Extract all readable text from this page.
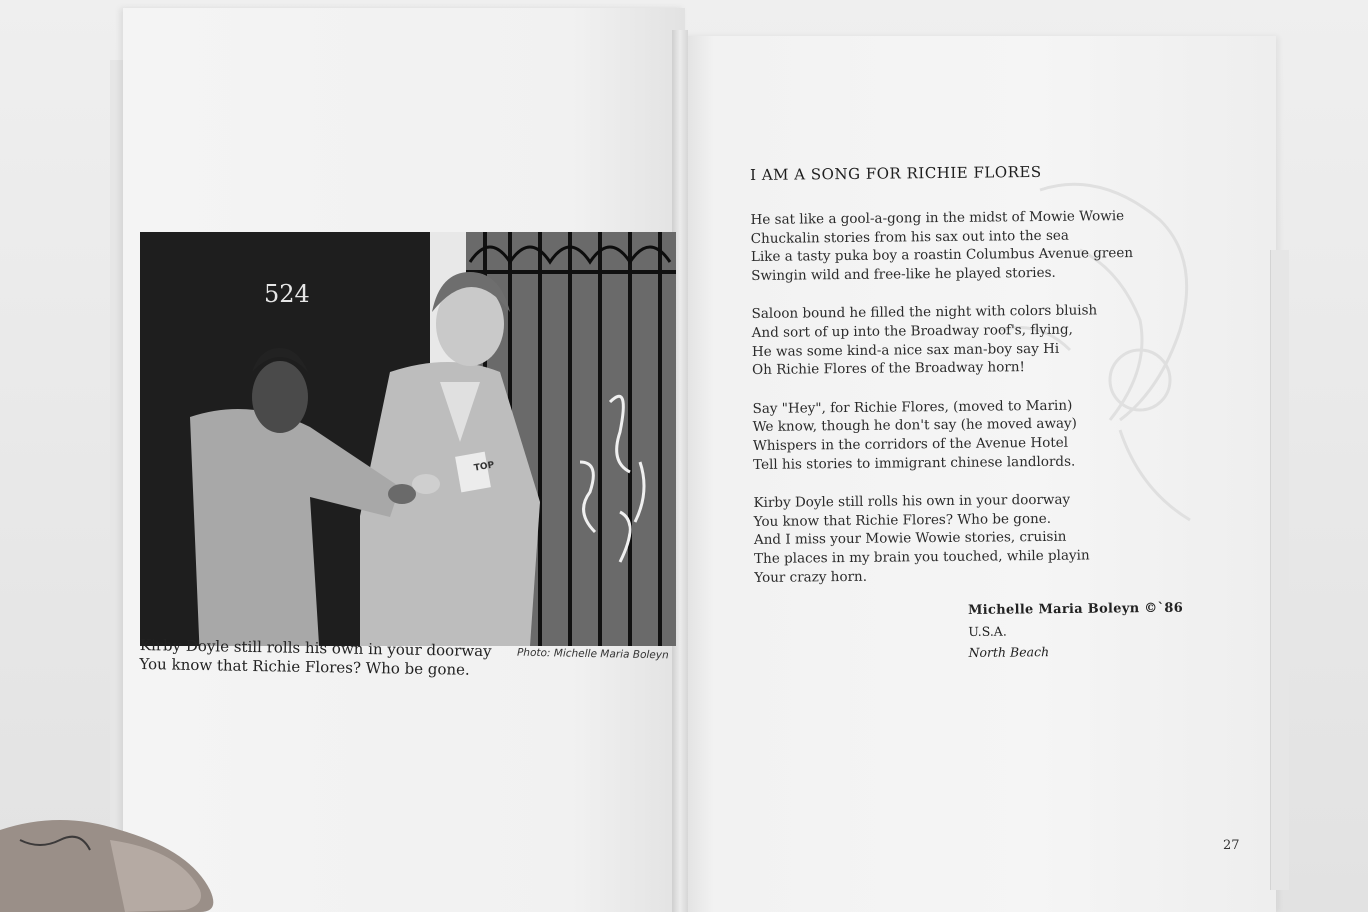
524
TOP
Kirby Doyle still rolls his own in your doorway
You know that Richie Flores? Who be gone.
Photo: Michelle Maria Boleyn
I AM A SONG FOR RICHIE FLORES
He sat like a gool-a-gong in the midst of Mowie Wowie
Chuckalin stories from his sax out into the sea
Like a tasty puka boy a roastin Columbus Avenue green
Swingin wild and free-like he played stories.
Saloon bound he filled the night with colors bluish
And sort of up into the Broadway roof's, flying,
He was some kind-a nice sax man-boy say Hi
Oh Richie Flores of the Broadway horn!
Say "Hey", for Richie Flores, (moved to Marin)
We know, though he don't say (he moved away)
Whispers in the corridors of the Avenue Hotel
Tell his stories to immigrant chinese landlords.
Kirby Doyle still rolls his own in your doorway
You know that Richie Flores? Who be gone.
And I miss your Mowie Wowie stories, cruisin
The places in my brain you touched, while playin
Your crazy horn.
Michelle Maria Boleyn ©`86
U.S.A.
North Beach
27
